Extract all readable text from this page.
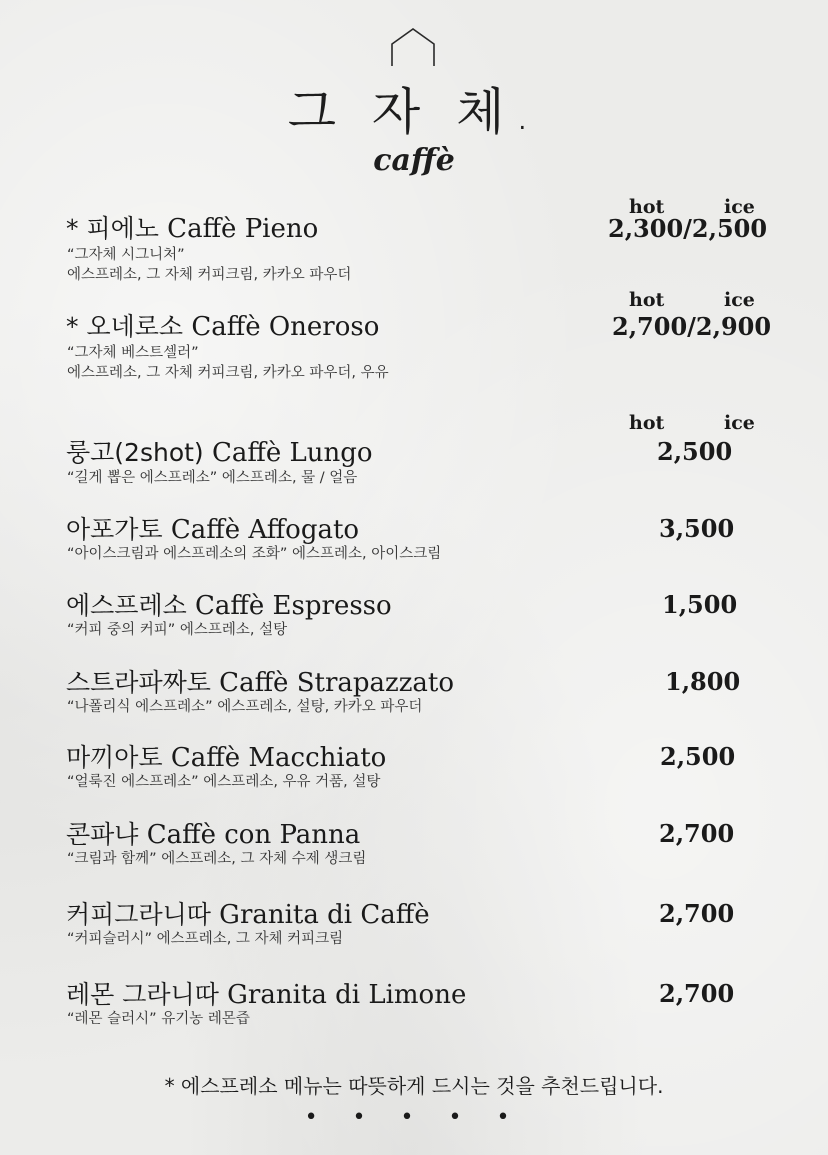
그 자 체.
caffè
hot	ice
* 피에노 Caffè Pieno	2,300/2,500
“그자체 시그니처”
에스프레소, 그 자체 커피크림, 카카오 파우더
hot	ice
* 오네로소 Caffè Oneroso	2,700/2,900
“그자체 베스트셀러”
에스프레소, 그 자체 커피크림, 카카오 파우더, 우유
hot	ice
룽고(2shot) Caffè Lungo	2,500
“길게 뽑은 에스프레소” 에스프레소, 물 / 얼음
아포가토 Caffè Affogato	3,500
“아이스크림과 에스프레소의 조화” 에스프레소, 아이스크림
에스프레소 Caffè Espresso	1,500
“커피 중의 커피” 에스프레소, 설탕
스트라파짜토 Caffè Strapazzato	1,800
“나폴리식 에스프레소” 에스프레소, 설탕, 카카오 파우더
마끼아토 Caffè Macchiato	2,500
“얼룩진 에스프레소” 에스프레소, 우유 거품, 설탕
콘파냐 Caffè con Panna	2,700
“크림과 함께” 에스프레소, 그 자체 수제 생크림
커피그라니따 Granita di Caffè	2,700
“커피슬러시” 에스프레소, 그 자체 커피크림
레몬 그라니따 Granita di Limone	2,700
“레몬 슬러시” 유기농 레몬즙
* 에스프레소 메뉴는 따뜻하게 드시는 것을 추천드립니다.
• • • • •
